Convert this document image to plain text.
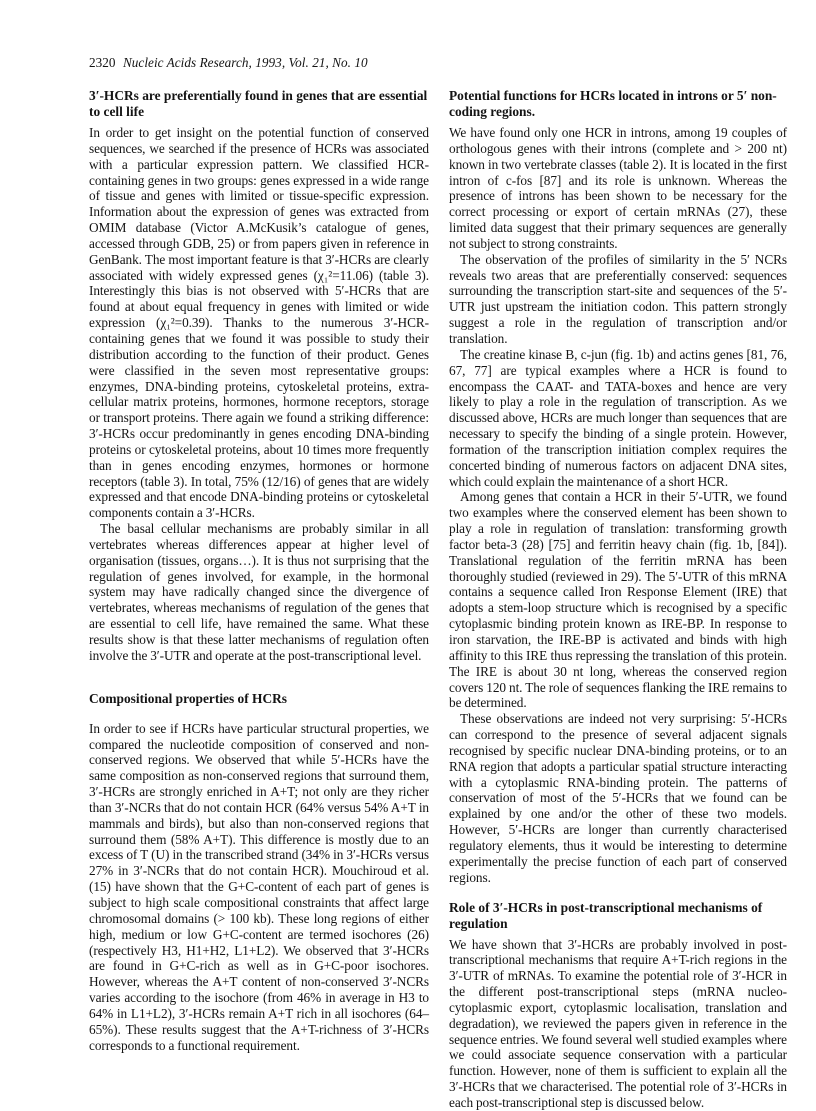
2320 Nucleic Acids Research, 1993, Vol. 21, No. 10
3′-HCRs are preferentially found in genes that are essential to cell life

In order to get insight on the potential function of conserved sequences, we searched if the presence of HCRs was associated with a particular expression pattern. We classified HCR-containing genes in two groups: genes expressed in a wide range of tissue and genes with limited or tissue-specific expression. Information about the expression of genes was extracted from OMIM database (Victor A.McKusik’s catalogue of genes, accessed through GDB, 25) or from papers given in reference in GenBank. The most important feature is that 3′-HCRs are clearly associated with widely expressed genes (χ₁²=11.06) (table 3). Interestingly this bias is not observed with 5′-HCRs that are found at about equal frequency in genes with limited or wide expression (χ₁²=0.39). Thanks to the numerous 3′-HCR-containing genes that we found it was possible to study their distribution according to the function of their product. Genes were classified in the seven most representative groups: enzymes, DNA-binding proteins, cytoskeletal proteins, extra-cellular matrix proteins, hormones, hormone receptors, storage or transport proteins. There again we found a striking difference: 3′-HCRs occur predominantly in genes encoding DNA-binding proteins or cytoskeletal proteins, about 10 times more frequently than in genes encoding enzymes, hormones or hormone receptors (table 3). In total, 75% (12/16) of genes that are widely expressed and that encode DNA-binding proteins or cytoskeletal components contain a 3′-HCRs.

The basal cellular mechanisms are probably similar in all vertebrates whereas differences appear at higher level of organisation (tissues, organs…). It is thus not surprising that the regulation of genes involved, for example, in the hormonal system may have radically changed since the divergence of vertebrates, whereas mechanisms of regulation of the genes that are essential to cell life, have remained the same. What these results show is that these latter mechanisms of regulation often involve the 3′-UTR and operate at the post-transcriptional level.

Compositional properties of HCRs

In order to see if HCRs have particular structural properties, we compared the nucleotide composition of conserved and non-conserved regions. We observed that while 5′-HCRs have the same composition as non-conserved regions that surround them, 3′-HCRs are strongly enriched in A+T; not only are they richer than 3′-NCRs that do not contain HCR (64% versus 54% A+T in mammals and birds), but also than non-conserved regions that surround them (58% A+T). This difference is mostly due to an excess of T (U) in the transcribed strand (34% in 3′-HCRs versus 27% in 3′-NCRs that do not contain HCR). Mouchiroud et al. (15) have shown that the G+C-content of each part of genes is subject to high scale compositional constraints that affect large chromosomal domains (> 100 kb). These long regions of either high, medium or low G+C-content are termed isochores (26) (respectively H3, H1+H2, L1+L2). We observed that 3′-HCRs are found in G+C-rich as well as in G+C-poor isochores. However, whereas the A+T content of non-conserved 3′-NCRs varies according to the isochore (from 46% in average in H3 to 64% in L1+L2), 3′-HCRs remain A+T rich in all isochores (64–65%). These results suggest that the A+T-richness of 3′-HCRs corresponds to a functional requirement.

Potential functions for HCRs located in introns or 5′ non-coding regions.

We have found only one HCR in introns, among 19 couples of orthologous genes with their introns (complete and > 200 nt) known in two vertebrate classes (table 2). It is located in the first intron of c-fos [87] and its role is unknown. Whereas the presence of introns has been shown to be necessary for the correct processing or export of certain mRNAs (27), these limited data suggest that their primary sequences are generally not subject to strong constraints.

The observation of the profiles of similarity in the 5′ NCRs reveals two areas that are preferentially conserved: sequences surrounding the transcription start-site and sequences of the 5′-UTR just upstream the initiation codon. This pattern strongly suggest a role in the regulation of transcription and/or translation.

The creatine kinase B, c-jun (fig. 1b) and actins genes [81, 76, 67, 77] are typical examples where a HCR is found to encompass the CAAT- and TATA-boxes and hence are very likely to play a role in the regulation of transcription. As we discussed above, HCRs are much longer than sequences that are necessary to specify the binding of a single protein. However, formation of the transcription initiation complex requires the concerted binding of numerous factors on adjacent DNA sites, which could explain the maintenance of a short HCR.

Among genes that contain a HCR in their 5′-UTR, we found two examples where the conserved element has been shown to play a role in regulation of translation: transforming growth factor beta-3 (28) [75] and ferritin heavy chain (fig. 1b, [84]). Translational regulation of the ferritin mRNA has been thoroughly studied (reviewed in 29). The 5′-UTR of this mRNA contains a sequence called Iron Response Element (IRE) that adopts a stem-loop structure which is recognised by a specific cytoplasmic binding protein known as IRE-BP. In response to iron starvation, the IRE-BP is activated and binds with high affinity to this IRE thus repressing the translation of this protein. The IRE is about 30 nt long, whereas the conserved region covers 120 nt. The role of sequences flanking the IRE remains to be determined.

These observations are indeed not very surprising: 5′-HCRs can correspond to the presence of several adjacent signals recognised by specific nuclear DNA-binding proteins, or to an RNA region that adopts a particular spatial structure interacting with a cytoplasmic RNA-binding protein. The patterns of conservation of most of the 5′-HCRs that we found can be explained by one and/or the other of these two models. However, 5′-HCRs are longer than currently characterised regulatory elements, thus it would be interesting to determine experimentally the precise function of each part of conserved regions.

Role of 3′-HCRs in post-transcriptional mechanisms of regulation

We have shown that 3′-HCRs are probably involved in post-transcriptional mechanisms that require A+T-rich regions in the 3′-UTR of mRNAs. To examine the potential role of 3′-HCR in the different post-transcriptional steps (mRNA nucleo-cytoplasmic export, cytoplasmic localisation, translation and degradation), we reviewed the papers given in reference in the sequence entries. We found several well studied examples where we could associate sequence conservation with a particular function. However, none of them is sufficient to explain all the 3′-HCRs that we characterised. The potential role of 3′-HCRs in each post-transcriptional step is discussed below.
